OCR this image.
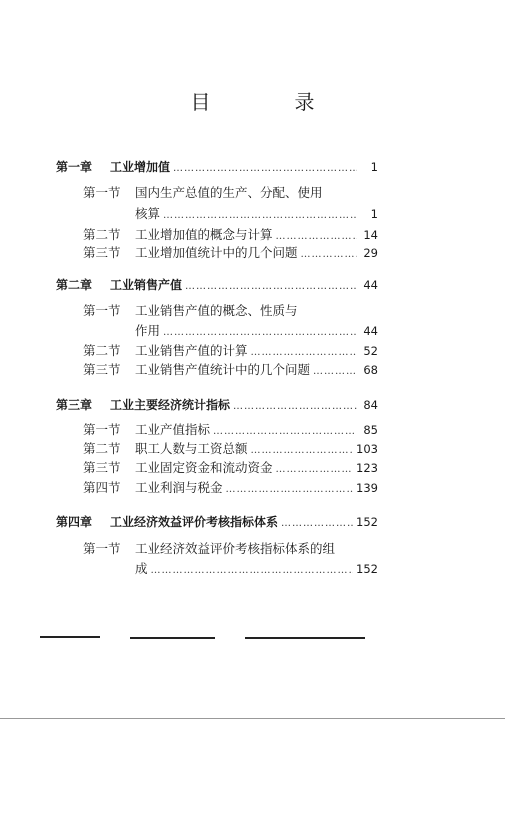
目　录
第一章	工业增加值 ……………………………………………………………………………………………………………………	1
第一节 国内生产总值的生产、分配、使用
核算 ……………………………………………………………………………………………………………………	1
第二节	工业增加值的概念与计算 ……………………………………………………………………………………………………………………	14
第三节	工业增加值统计中的几个问题 ……………………………………………………………………………………………………………………	29
第二章	工业销售产值 ……………………………………………………………………………………………………………………	44
第一节 工业销售产值的概念、性质与
作用 ……………………………………………………………………………………………………………………	44
第二节	工业销售产值的计算 ……………………………………………………………………………………………………………………	52
第三节	工业销售产值统计中的几个问题 ……………………………………………………………………………………………………………………	68
第三章	工业主要经济统计指标 ……………………………………………………………………………………………………………………	84
第一节	工业产值指标 ……………………………………………………………………………………………………………………	85
第二节	职工人数与工资总额 ……………………………………………………………………………………………………………………	103
第三节	工业固定资金和流动资金 ……………………………………………………………………………………………………………………	123
第四节	工业利润与税金 ……………………………………………………………………………………………………………………	139
第四章	工业经济效益评价考核指标体系 ……………………………………………………………………………………………………………………	152
第一节 工业经济效益评价考核指标体系的组
成 ……………………………………………………………………………………………………………………	152
